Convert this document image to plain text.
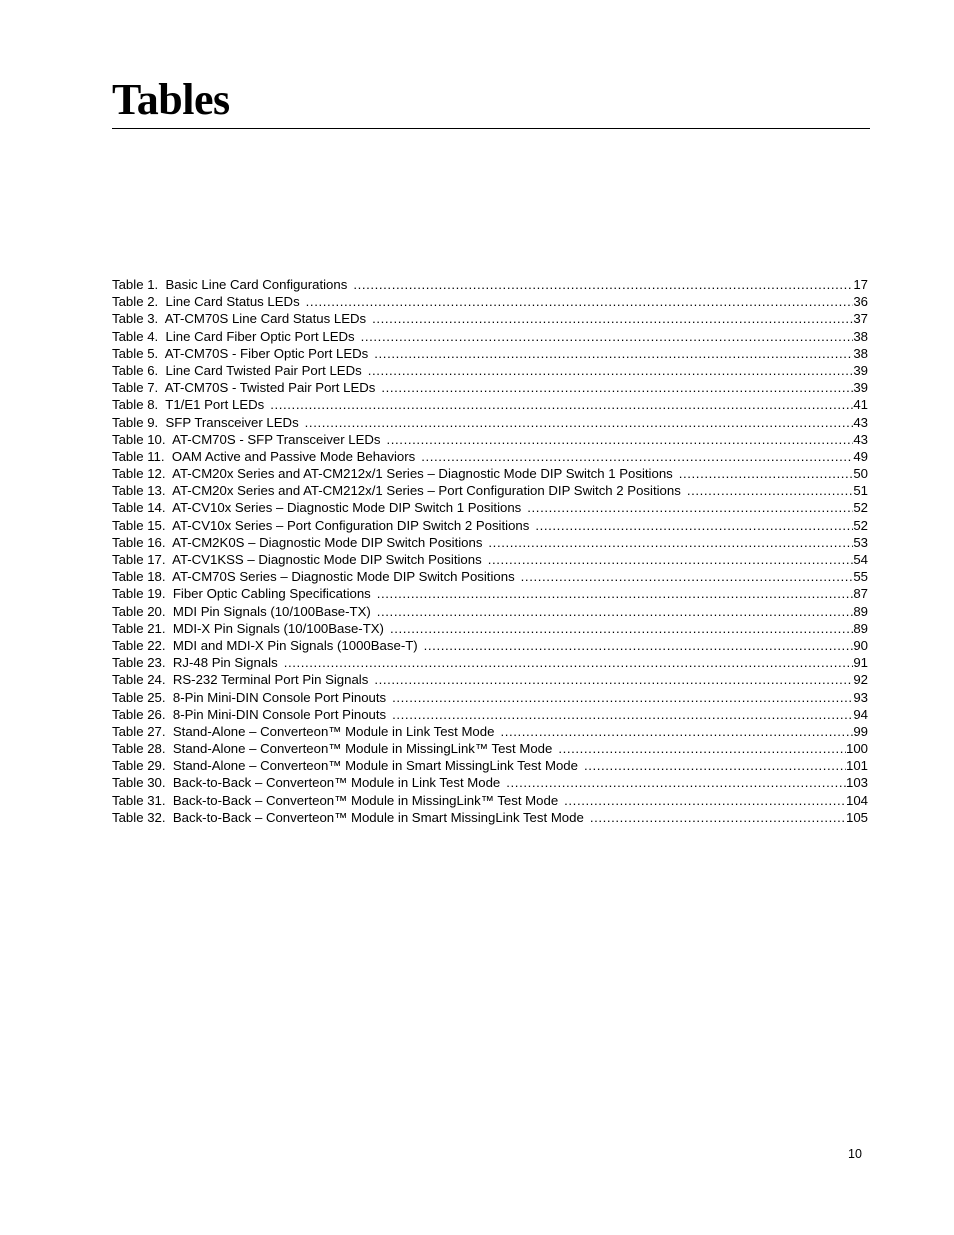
Tables
Table 1. Basic Line Card Configurations .....	17
Table 2. Line Card Status LEDs .....	36
Table 3. AT-CM70S Line Card Status LEDs .....	37
Table 4. Line Card Fiber Optic Port LEDs .....	38
Table 5. AT-CM70S - Fiber Optic Port LEDs .....	38
Table 6. Line Card Twisted Pair Port LEDs .....	39
Table 7. AT-CM70S - Twisted Pair Port LEDs .....	39
Table 8. T1/E1 Port LEDs .....	41
Table 9. SFP Transceiver LEDs .....	43
Table 10. AT-CM70S - SFP Transceiver LEDs .....	43
Table 11. OAM Active and Passive Mode Behaviors .....	49
Table 12. AT-CM20x Series and AT-CM212x/1 Series – Diagnostic Mode DIP Switch 1 Positions .....	50
Table 13. AT-CM20x Series and AT-CM212x/1 Series – Port Configuration DIP Switch 2 Positions .....	51
Table 14. AT-CV10x Series – Diagnostic Mode DIP Switch 1 Positions .....	52
Table 15. AT-CV10x Series – Port Configuration DIP Switch 2 Positions .....	52
Table 16. AT-CM2K0S – Diagnostic Mode DIP Switch Positions .....	53
Table 17. AT-CV1KSS – Diagnostic Mode DIP Switch Positions .....	54
Table 18. AT-CM70S Series – Diagnostic Mode DIP Switch Positions .....	55
Table 19. Fiber Optic Cabling Specifications .....	87
Table 20. MDI Pin Signals (10/100Base-TX) .....	89
Table 21. MDI-X Pin Signals (10/100Base-TX) .....	89
Table 22. MDI and MDI-X Pin Signals (1000Base-T) .....	90
Table 23. RJ-48 Pin Signals .....	91
Table 24. RS-232 Terminal Port Pin Signals .....	92
Table 25. 8-Pin Mini-DIN Console Port Pinouts .....	93
Table 26. 8-Pin Mini-DIN Console Port Pinouts .....	94
Table 27. Stand-Alone – Converteon™ Module in Link Test Mode .....	99
Table 28. Stand-Alone – Converteon™ Module in MissingLink™ Test Mode .....	100
Table 29. Stand-Alone – Converteon™ Module in Smart MissingLink Test Mode .....	101
Table 30. Back-to-Back – Converteon™ Module in Link Test Mode .....	103
Table 31. Back-to-Back – Converteon™ Module in MissingLink™ Test Mode .....	104
Table 32. Back-to-Back – Converteon™ Module in Smart MissingLink Test Mode .....	105
10
